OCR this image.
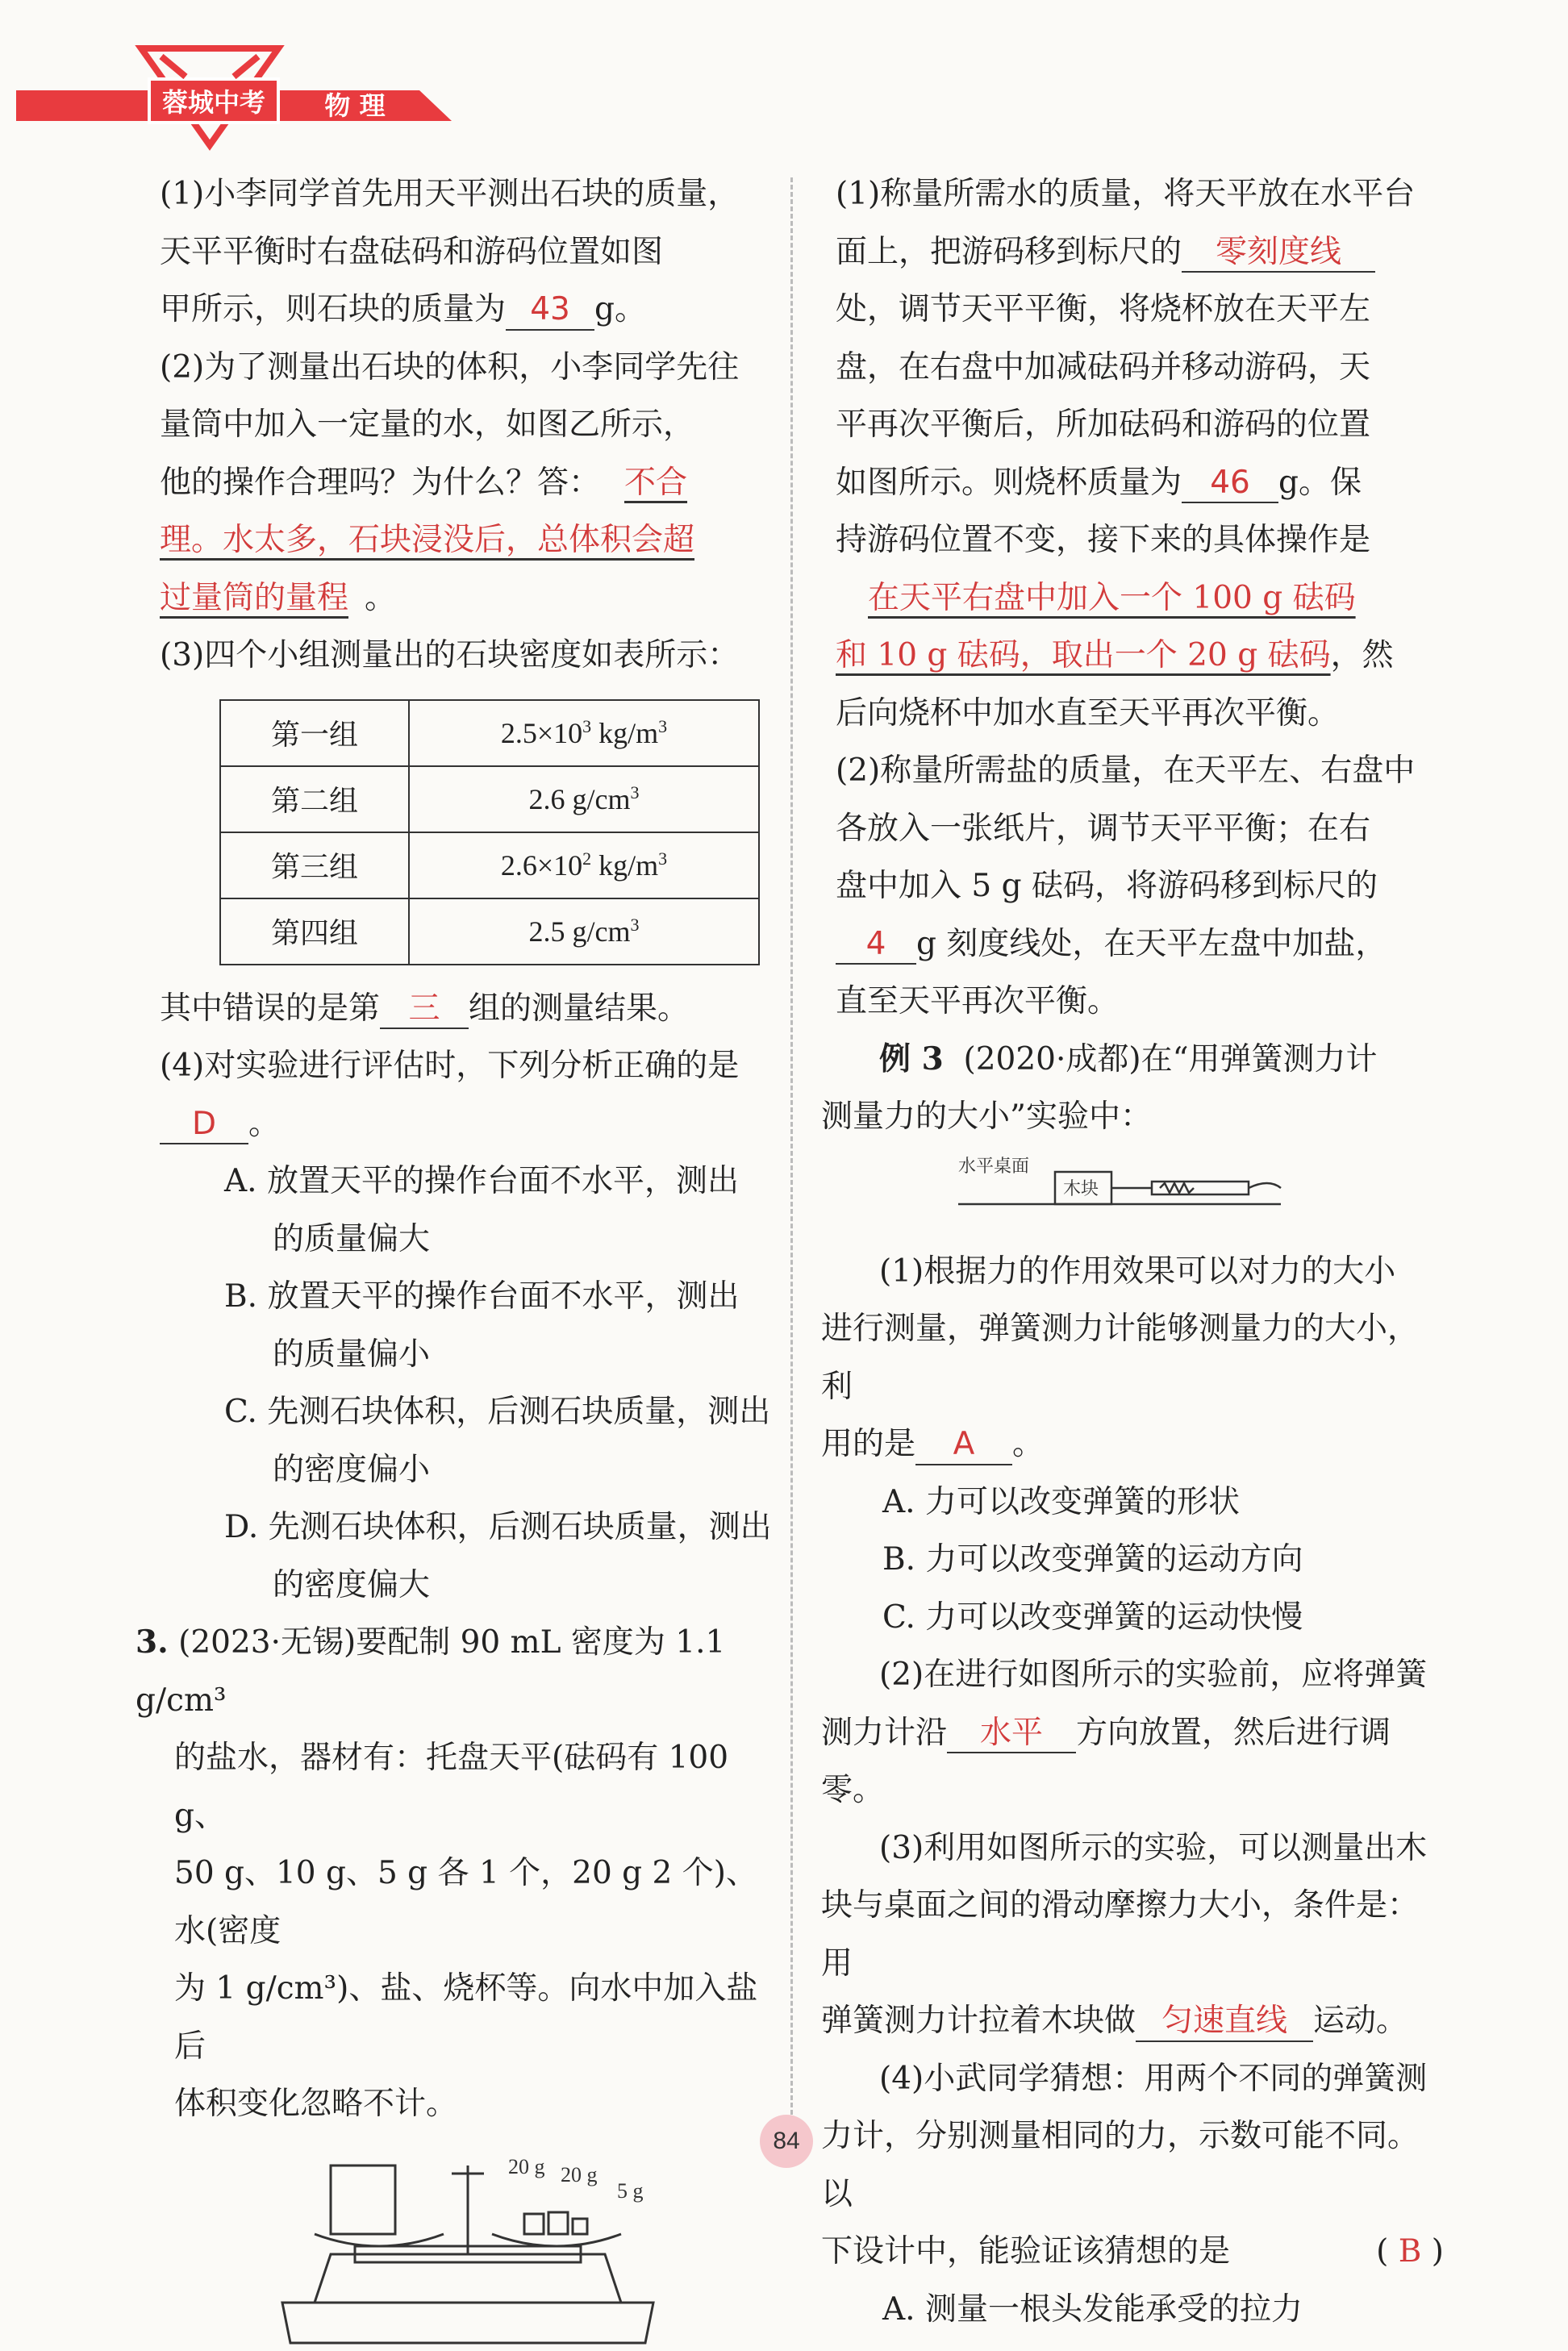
蓉城中考 物 理

(1)小李同学首先用天平测出石块的质量，

天平平衡时右盘砝码和游码位置如图

甲所示，则石块的质量为 43 g。

(2)为了测量出石块的体积，小李同学先往

量筒中加入一定量的水，如图乙所示，

他的操作合理吗？为什么？答： 不合

理。水太多，石块浸没后，总体积会超

过量筒的量程 。

(3)四个小组测量出的石块密度如表所示：

第一组	$2.5\times 10^3$ $kg/m^3$
第二组	2.6 $g/cm^3$
第三组	$2.6\times 10^2$ $kg/m^3$
第四组	2.5 $g/cm^3$

其中错误的是第 三 组的测量结果。

(4)对实验进行评估时，下列分析正确的是

D 。

A. 放置天平的操作台面不水平，测出

的质量偏大

B. 放置天平的操作台面不水平，测出

的质量偏小

C. 先测石块体积，后测石块质量，测出

的密度偏小

D. 先测石块体积，后测石块质量，测出

的密度偏大

3. (2023·无锡)要配制 90 mL 密度为 1.1 g/cm³

的盐水，器材有：托盘天平(砝码有 100 g、

50 g、10 g、5 g 各 1 个，20 g 2 个)、水(密度

为 1 g/cm³)、盐、烧杯等。向水中加入盐后

体积变化忽略不计。

20 g 20 g
5 g

(1)称量所需水的质量，将天平放在水平台

面上，把游码移到标尺的 零刻度线

处，调节天平平衡，将烧杯放在天平左

盘，在右盘中加减砝码并移动游码，天

平再次平衡后，所加砝码和游码的位置

如图所示。则烧杯质量为 46 g。保

持游码位置不变，接下来的具体操作是

在天平右盘中加入一个 100 g 砝码

和 10 g 砝码，取出一个 20 g 砝码，然

后向烧杯中加水直至天平再次平衡。

(2)称量所需盐的质量，在天平左、右盘中

各放入一张纸片，调节天平平衡；在右

盘中加入 5 g 砝码，将游码移到标尺的

4 g 刻度线处，在天平左盘中加盐，

直至天平再次平衡。

例 3 (2020·成都)在“用弹簧测力计

测量力的大小”实验中：

水平桌面
木块

(1)根据力的作用效果可以对力的大小

进行测量，弹簧测力计能够测量力的大小，利

用的是 A 。

A. 力可以改变弹簧的形状

B. 力可以改变弹簧的运动方向

C. 力可以改变弹簧的运动快慢

(2)在进行如图所示的实验前，应将弹簧

测力计沿 水平 方向放置，然后进行调零。

(3)利用如图所示的实验，可以测量出木

块与桌面之间的滑动摩擦力大小，条件是：用

弹簧测力计拉着木块做 匀速直线 运动。

(4)小武同学猜想：用两个不同的弹簧测

力计，分别测量相同的力，示数可能不同。以

下设计中，能验证该猜想的是	( B )

A. 测量一根头发能承受的拉力

84
